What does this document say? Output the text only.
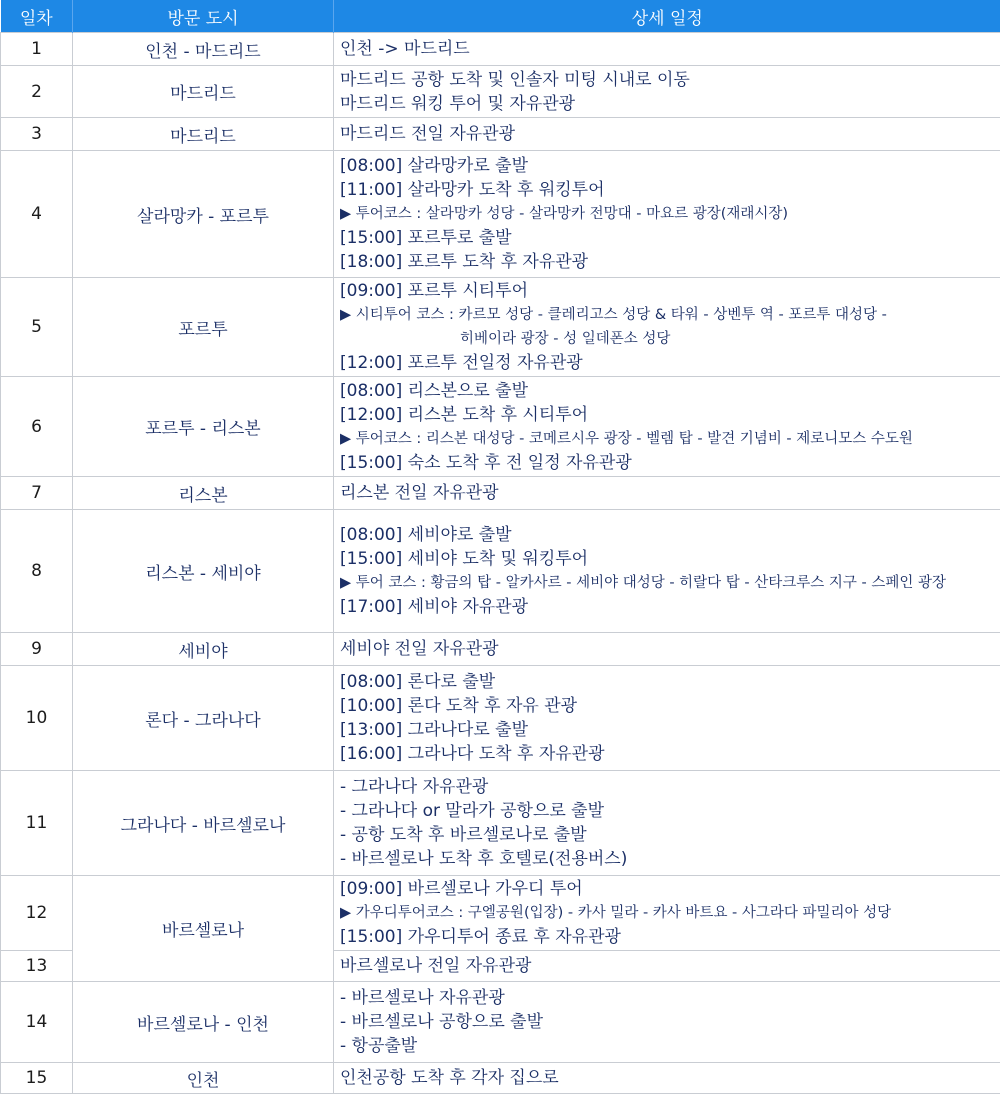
일차	방문 도시	상세 일정
1	인천 - 마드리드	인천 -> 마드리드

2	마드리드	마드리드 공항 도착 및 인솔자 미팅 시내로 이동
마드리드 워킹 투어 및 자유관광

3	마드리드	마드리드 전일 자유관광

4	살라망카 - 포르투	[08:00] 살라망카로 출발
[11:00] 살라망카 도착 후 워킹투어
▶ 투어코스 : 살라망카 성당 - 살라망카 전망대 - 마요르 광장(재래시장)
[15:00] 포르투로 출발
[18:00] 포르투 도착 후 자유관광

5	포르투	[09:00] 포르투 시티투어
▶ 시티투어 코스 : 카르모 성당 - 클레리고스 성당 & 타워 - 상벤투 역 - 포르투 대성당 -
히베이라 광장 - 성 일데폰소 성당
[12:00] 포르투 전일정 자유관광

6	포르투 - 리스본	[08:00] 리스본으로 출발
[12:00] 리스본 도착 후 시티투어
▶ 투어코스 : 리스본 대성당 - 코메르시우 광장 - 벨렘 탑 - 발견 기념비 - 제로니모스 수도원
[15:00] 숙소 도착 후 전 일정 자유관광

7	리스본	리스본 전일 자유관광

8	리스본 - 세비야	[08:00] 세비야로 출발
[15:00] 세비야 도착 및 워킹투어
▶ 투어 코스 : 황금의 탑 - 알카사르 - 세비야 대성당 - 히랄다 탑 - 산타크루스 지구 - 스페인 광장
[17:00] 세비야 자유관광

9	세비야	세비야 전일 자유관광

10	론다 - 그라나다	[08:00] 론다로 출발
[10:00] 론다 도착 후 자유 관광
[13:00] 그라나다로 출발
[16:00] 그라나다 도착 후 자유관광

11	그라나다 - 바르셀로나	- 그라나다 자유관광
- 그라나다 or 말라가 공항으로 출발
- 공항 도착 후 바르셀로나로 출발
- 바르셀로나 도착 후 호텔로(전용버스)

12	바르셀로나	[09:00] 바르셀로나 가우디 투어
▶ 가우디투어코스 : 구엘공원(입장) - 카사 밀라 - 카사 바트요 - 사그라다 파밀리아 성당
[15:00] 가우디투어 종료 후 자유관광

13		바르셀로나 전일 자유관광

14	바르셀로나 - 인천	- 바르셀로나 자유관광
- 바르셀로나 공항으로 출발
- 항공출발

15	인천	인천공항 도착 후 각자 집으로
